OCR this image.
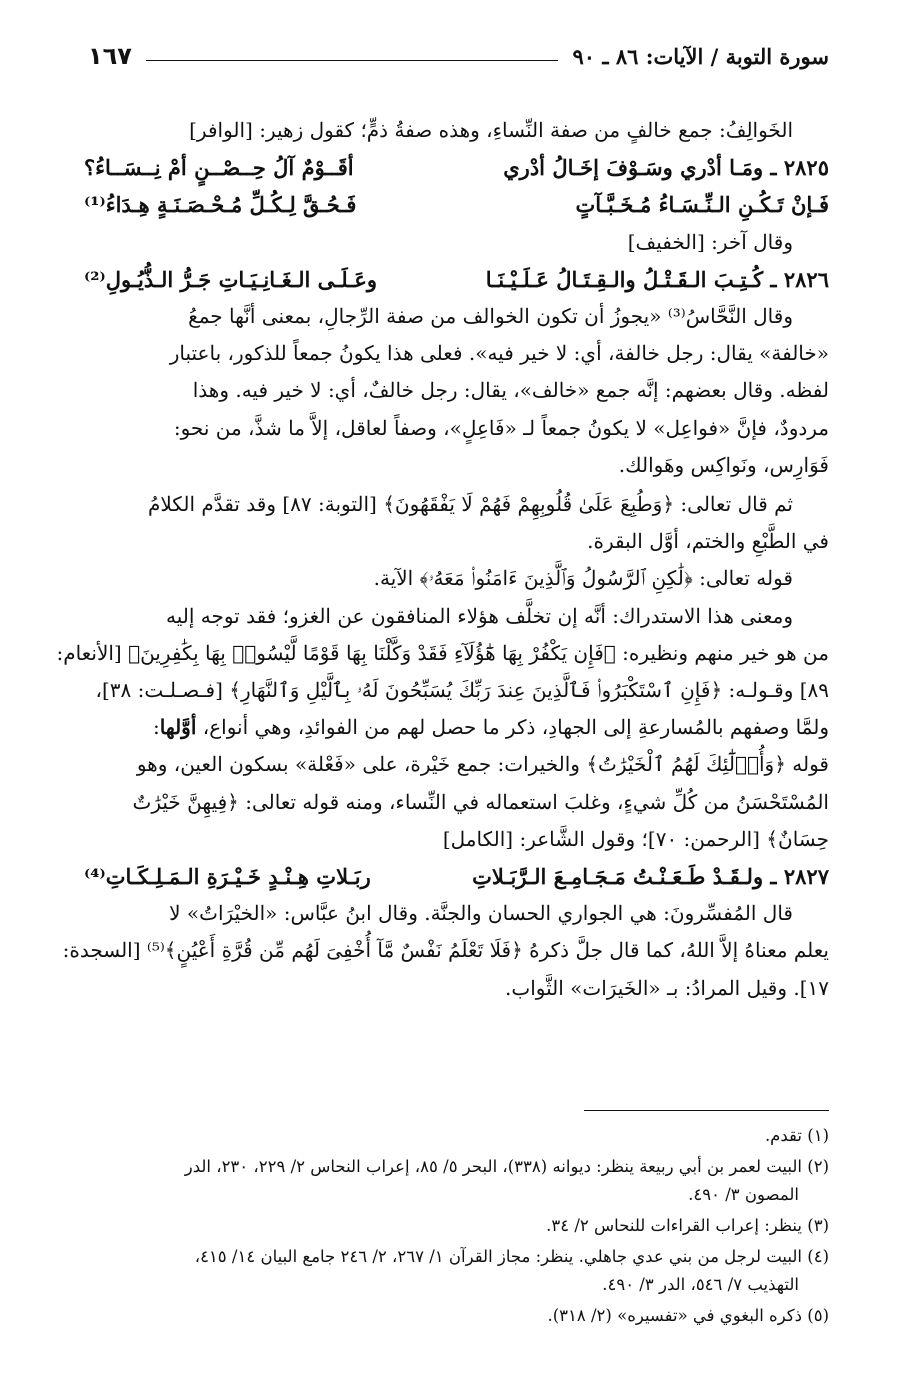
سورة التوبة / الآيات: ٨٦ ـ ٩٠
١٦٧
الخَوالِفُ: جمع خالفٍ من صفة النِّساءِ، وهذه صفةُ ذمٍّ؛ كقول زهير: [الوافر]
٢٨٢٥ ـ ومَـا أدْري وسَـوْفَ إخَـالُ أدْري
أقَــوْمٌ آلُ حِــصْــنٍ أمْ نِــسَــاءُ؟
فَـإنْ تَـكُـنِ الـنِّـسَـاءُ مُـخَـبَّـآتٍ
فَـحُـقَّ لِـكُـلِّ مُـحْـصَـنَـةٍ هِـدَاءُ⁽¹⁾
وقال آخر: [الخفيف]
٢٨٢٦ ـ كُـتِـبَ الـقَـتْـلُ والـقِـتَـالُ عَـلَـيْـنَـا
وعَـلَـى الـغَـانِـيَـاتِ جَـرُّ الـذُّيُـولِ⁽²⁾
وقال النَّحَّاسُ⁽³⁾ «يجوزُ أن تكون الخوالف من صفة الرِّجالِ، بمعنى أنَّها جمعُ
«خالفة» يقال: رجل خالفة، أي: لا خير فيه». فعلى هذا يكونُ جمعاً للذكور، باعتبار
لفظه. وقال بعضهم: إنَّه جمع «خالف»، يقال: رجل خالفٌ، أي: لا خير فيه. وهذا
مردودٌ، فإنَّ «فواعِل» لا يكونُ جمعاً لـ «فَاعِلٍ»، وصفاً لعاقل، إلاَّ ما شذَّ، من نحو:
فَوَارِس، ونَواكِس وهَوالك.
ثم قال تعالى: ﴿وَطُبِعَ عَلَىٰ قُلُوبِهِمْ فَهُمْ لَا يَفْقَهُونَ﴾ [التوبة: ٨٧] وقد تقدَّم الكلامُ
في الطَّبْعِ والختم، أوَّل البقرة.
قوله تعالى: ﴿لَٰكِنِ ٱلرَّسُولُ وَٱلَّذِينَ ءَامَنُوا۟ مَعَهُۥ﴾ الآية.
ومعنى هذا الاستدراك: أنَّه إن تخلَّف هؤلاء المنافقون عن الغزو؛ فقد توجه إليه
من هو خير منهم ونظيره: ﴿فَإِن يَكْفُرْ بِهَا هَٰٓؤُلَآءِ فَقَدْ وَكَّلْنَا بِهَا قَوْمًا لَّيْسُوا۟ بِهَا بِكَٰفِرِينَ﴾ [الأنعام:
٨٩] وقـولـه: ﴿فَإِنِ ٱسْتَكْبَرُوا۟ فَٱلَّذِينَ عِندَ رَبِّكَ يُسَبِّحُونَ لَهُۥ بِٱلَّيْلِ وَٱلنَّهَارِ﴾ [فـصـلـت: ٣٨]،
ولمَّا وصفهم بالمُسارعةِ إلى الجهادِ، ذكر ما حصل لهم من الفوائدِ، وهي أنواع، أوَّلها:
قوله ﴿وَأُو۟لَٰٓئِكَ لَهُمُ ٱلْخَيْرَٰتُ﴾ والخيرات: جمع خَيْرة، على «فَعْلة» بسكون العين، وهو
المُسْتَحْسَنُ من كُلِّ شيءٍ، وغلبَ استعماله في النِّساء، ومنه قوله تعالى: ﴿فِيهِنَّ خَيْرَٰتٌ
حِسَانٌ﴾ [الرحمن: ٧٠]؛ وقول الشَّاعر: [الكامل]
٢٨٢٧ ـ ولـقَـدْ طَـعَـنْـتُ مَـجَـامِـعَ الـرَّبَـلاتِ
ربَـلاتِ هِـنْـدٍ خَـيْـرَةِ الـمَـلِـكَـاتِ⁽⁴⁾
قال المُفسِّرونَ: هي الجواري الحسان والجنَّة. وقال ابنُ عبَّاس: «الخيْرَاتُ» لا
يعلم معناهُ إلاَّ اللهُ، كما قال جلَّ ذكرهُ ﴿فَلَا تَعْلَمُ نَفْسٌ مَّآ أُخْفِىَ لَهُم مِّن قُرَّةِ أَعْيُنٍ﴾⁽⁵⁾ [السجدة:
١٧]. وقيل المرادُ: بـ «الخَيرَات» الثَّواب.
(١) تقدم.
(٢) البيت لعمر بن أبي ربيعة ينظر: ديوانه (٣٣٨)، البحر ٥/ ٨٥، إعراب النحاس ٢/ ٢٢٩، ٢٣٠، الدر
المصون ٣/ ٤٩٠.
(٣) ينظر: إعراب القراءات للنحاس ٢/ ٣٤.
(٤) البيت لرجل من بني عدي جاهلي. ينظر: مجاز القرآن ١/ ٢٦٧، ٢/ ٢٤٦ جامع البيان ١٤/ ٤١٥،
التهذيب ٧/ ٥٤٦، الدر ٣/ ٤٩٠.
(٥) ذكره البغوي في «تفسيره» (٢/ ٣١٨).
